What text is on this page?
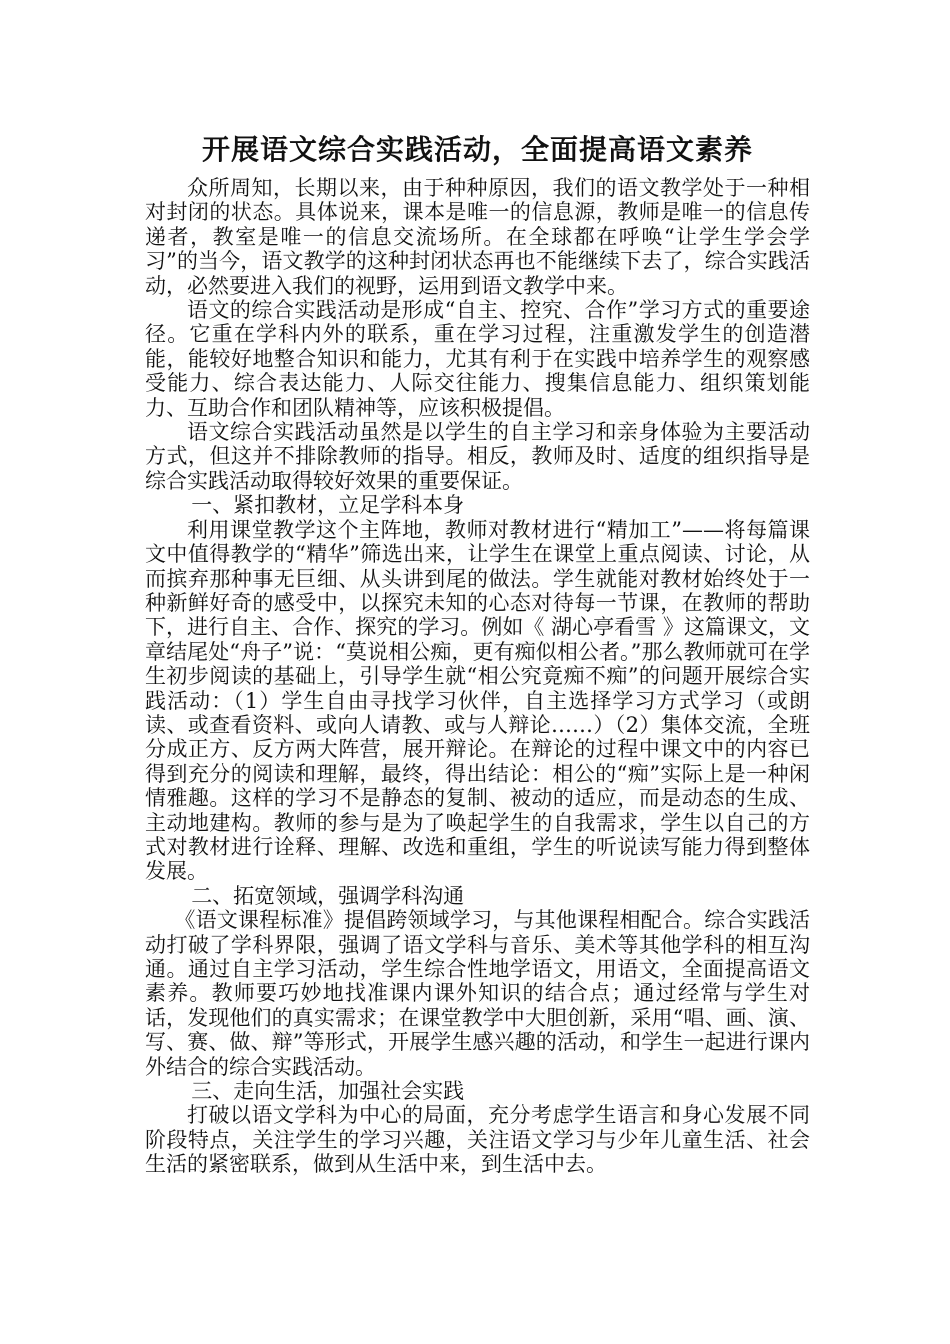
开展语文综合实践活动，全面提高语文素养

众所周知，长期以来，由于种种原因，我们的语文教学处于一种相对封闭的状态。具体说来，课本是唯一的信息源，教师是唯一的信息传递者，教室是唯一的信息交流场所。在全球都在呼唤“让学生学会学习”的当今，语文教学的这种封闭状态再也不能继续下去了，综合实践活动，必然要进入我们的视野，运用到语文教学中来。

语文的综合实践活动是形成“自主、控究、合作”学习方式的重要途径。它重在学科内外的联系，重在学习过程，注重激发学生的创造潜能，能较好地整合知识和能力，尤其有利于在实践中培养学生的观察感受能力、综合表达能力、人际交往能力、搜集信息能力、组织策划能力、互助合作和团队精神等，应该积极提倡。

语文综合实践活动虽然是以学生的自主学习和亲身体验为主要活动方式，但这并不排除教师的指导。相反，教师及时、适度的组织指导是综合实践活动取得较好效果的重要保证。

一、紧扣教材，立足学科本身

利用课堂教学这个主阵地，教师对教材进行“精加工”——将每篇课文中值得教学的“精华”筛选出来，让学生在课堂上重点阅读、讨论，从而摈弃那种事无巨细、从头讲到尾的做法。学生就能对教材始终处于一种新鲜好奇的感受中，以探究未知的心态对待每一节课，在教师的帮助下，进行自主、合作、探究的学习。例如《 湖心亭看雪 》这篇课文，文章结尾处“舟子”说：“莫说相公痴，更有痴似相公者。”那么教师就可在学生初步阅读的基础上，引导学生就“相公究竟痴不痴”的问题开展综合实践活动：（1）学生自由寻找学习伙伴，自主选择学习方式学习（或朗读、或查看资料、或向人请教、或与人辩论……）（2）集体交流，全班分成正方、反方两大阵营，展开辩论。在辩论的过程中课文中的内容已得到充分的阅读和理解，最终，得出结论：相公的“痴”实际上是一种闲情雅趣。这样的学习不是静态的复制、被动的适应，而是动态的生成、主动地建构。教师的参与是为了唤起学生的自我需求，学生以自己的方式对教材进行诠释、理解、改选和重组，学生的听说读写能力得到整体发展。

二、拓宽领域，强调学科沟通

《语文课程标准》提倡跨领域学习，与其他课程相配合。综合实践活动打破了学科界限，强调了语文学科与音乐、美术等其他学科的相互沟通。通过自主学习活动，学生综合性地学语文，用语文，全面提高语文素养。教师要巧妙地找准课内课外知识的结合点；通过经常与学生对话，发现他们的真实需求；在课堂教学中大胆创新，采用“唱、画、演、写、赛、做、辩”等形式，开展学生感兴趣的活动，和学生一起进行课内外结合的综合实践活动。

三、走向生活，加强社会实践

打破以语文学科为中心的局面，充分考虑学生语言和身心发展不同阶段特点，关注学生的学习兴趣，关注语文学习与少年儿童生活、社会生活的紧密联系，做到从生活中来，到生活中去。
